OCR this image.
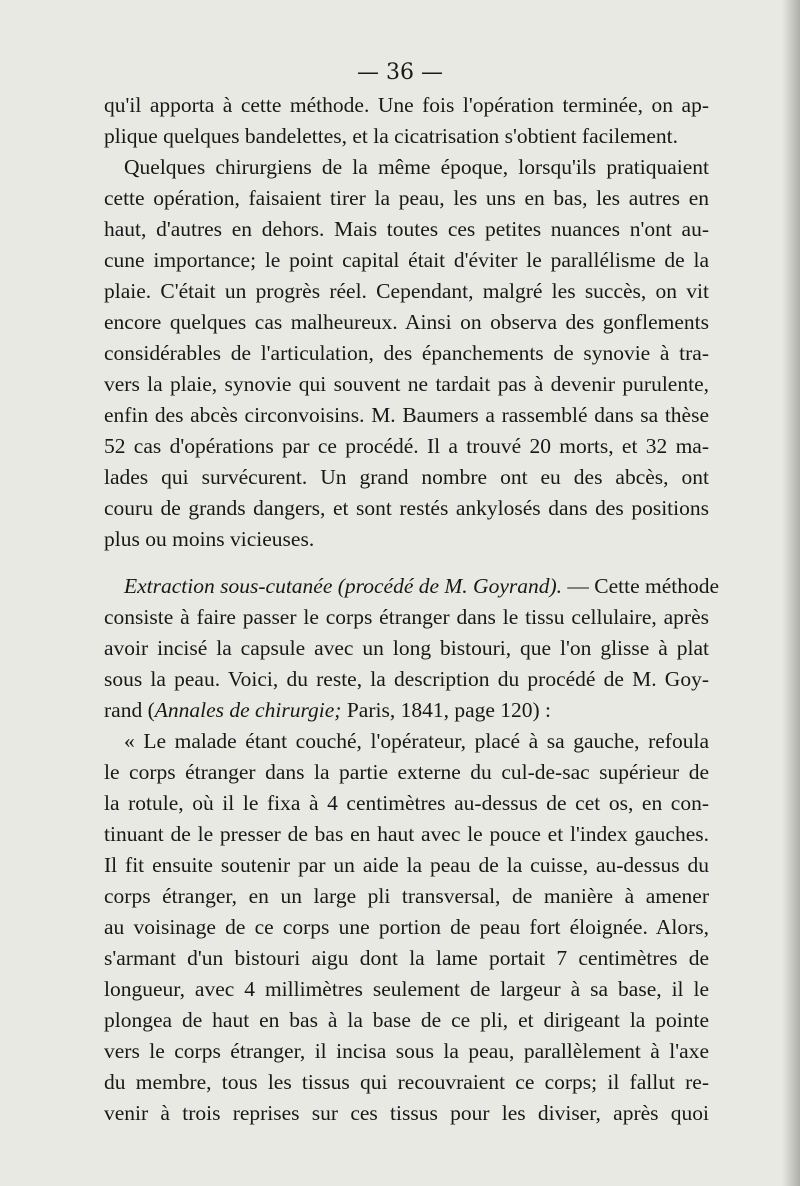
— 36 —

qu'il apporta à cette méthode. Une fois l'opération terminée, on ap-
plique quelques bandelettes, et la cicatrisation s'obtient facilement.

Quelques chirurgiens de la même époque, lorsqu'ils pratiquaient
cette opération, faisaient tirer la peau, les uns en bas, les autres en
haut, d'autres en dehors. Mais toutes ces petites nuances n'ont au-
cune importance; le point capital était d'éviter le parallélisme de la
plaie. C'était un progrès réel. Cependant, malgré les succès, on vit
encore quelques cas malheureux. Ainsi on observa des gonflements
considérables de l'articulation, des épanchements de synovie à tra-
vers la plaie, synovie qui souvent ne tardait pas à devenir purulente,
enfin des abcès circonvoisins. M. Baumers a rassemblé dans sa thèse
52 cas d'opérations par ce procédé. Il a trouvé 20 morts, et 32 ma-
lades qui survécurent. Un grand nombre ont eu des abcès, ont
couru de grands dangers, et sont restés ankylosés dans des positions
plus ou moins vicieuses.

Extraction sous-cutanée (procédé de M. Goyrand). — Cette méthode
consiste à faire passer le corps étranger dans le tissu cellulaire, après
avoir incisé la capsule avec un long bistouri, que l'on glisse à plat
sous la peau. Voici, du reste, la description du procédé de M. Goy-
rand (Annales de chirurgie; Paris, 1841, page 120) :

« Le malade étant couché, l'opérateur, placé à sa gauche, refoula
le corps étranger dans la partie externe du cul-de-sac supérieur de
la rotule, où il le fixa à 4 centimètres au-dessus de cet os, en con-
tinuant de le presser de bas en haut avec le pouce et l'index gauches.
Il fit ensuite soutenir par un aide la peau de la cuisse, au-dessus du
corps étranger, en un large pli transversal, de manière à amener
au voisinage de ce corps une portion de peau fort éloignée. Alors,
s'armant d'un bistouri aigu dont la lame portait 7 centimètres de
longueur, avec 4 millimètres seulement de largeur à sa base, il le
plongea de haut en bas à la base de ce pli, et dirigeant la pointe
vers le corps étranger, il incisa sous la peau, parallèlement à l'axe
du membre, tous les tissus qui recouvraient ce corps; il fallut re-
venir à trois reprises sur ces tissus pour les diviser, après quoi
